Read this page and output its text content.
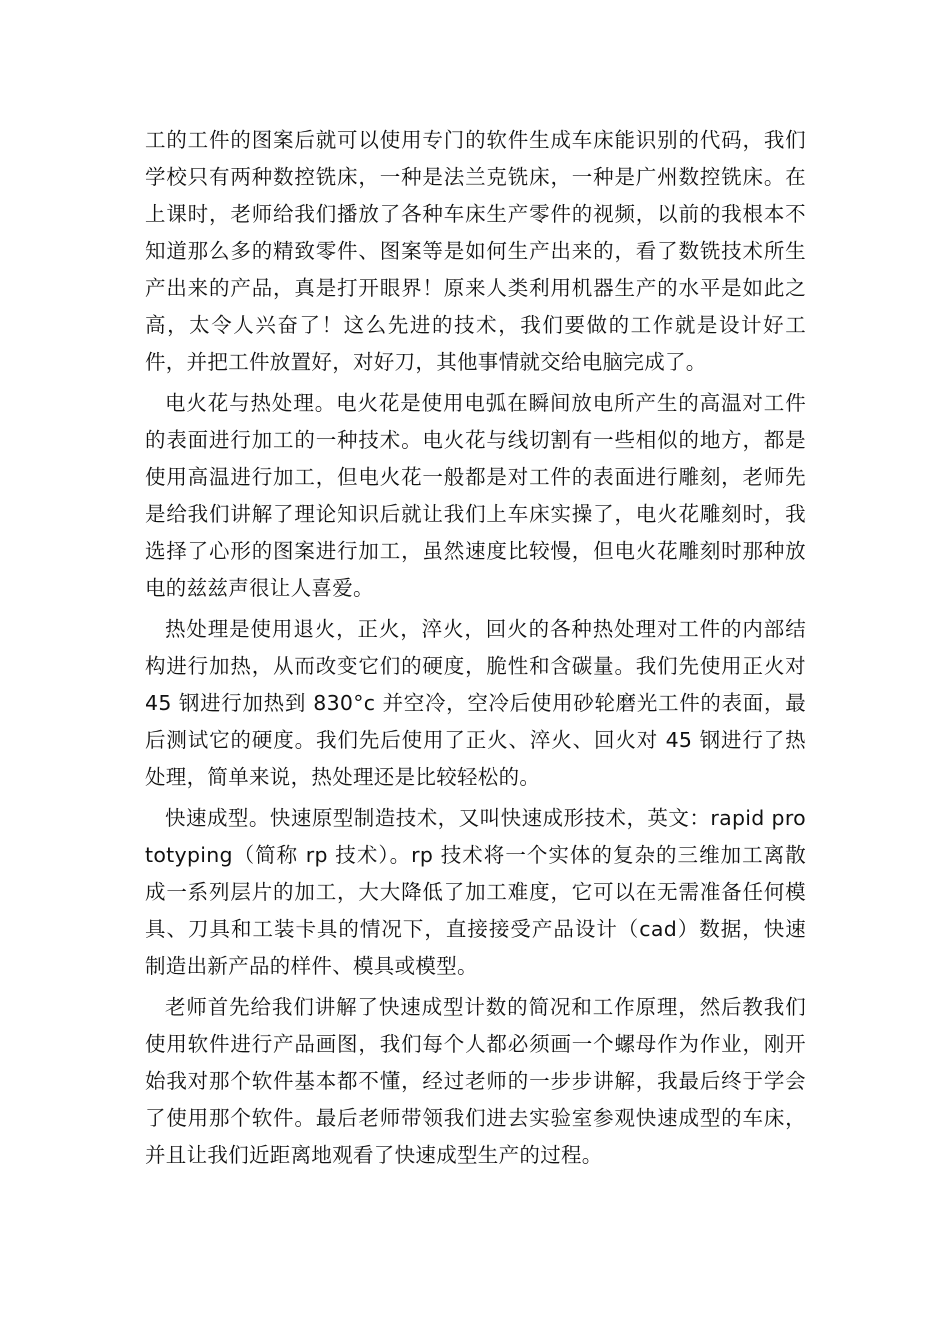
工的工件的图案后就可以使用专门的软件生成车床能识别的代码，我们学校只有两种数控铣床，一种是法兰克铣床，一种是广州数控铣床。在上课时，老师给我们播放了各种车床生产零件的视频，以前的我根本不知道那么多的精致零件、图案等是如何生产出来的，看了数铣技术所生产出来的产品，真是打开眼界！原来人类利用机器生产的水平是如此之高，太令人兴奋了！这么先进的技术，我们要做的工作就是设计好工件，并把工件放置好，对好刀，其他事情就交给电脑完成了。

电火花与热处理。电火花是使用电弧在瞬间放电所产生的高温对工件的表面进行加工的一种技术。电火花与线切割有一些相似的地方，都是使用高温进行加工，但电火花一般都是对工件的表面进行雕刻，老师先是给我们讲解了理论知识后就让我们上车床实操了，电火花雕刻时，我选择了心形的图案进行加工，虽然速度比较慢，但电火花雕刻时那种放电的兹兹声很让人喜爱。

热处理是使用退火，正火，淬火，回火的各种热处理对工件的内部结构进行加热，从而改变它们的硬度，脆性和含碳量。我们先使用正火对 45 钢进行加热到 830°c 并空冷，空冷后使用砂轮磨光工件的表面，最后测试它的硬度。我们先后使用了正火、淬火、回火对 45 钢进行了热处理，简单来说，热处理还是比较轻松的。

快速成型。快速原型制造技术，又叫快速成形技术，英文：rapid prototyping（简称 rp 技术）。rp 技术将一个实体的复杂的三维加工离散成一系列层片的加工，大大降低了加工难度，它可以在无需准备任何模具、刀具和工装卡具的情况下，直接接受产品设计（cad）数据，快速制造出新产品的样件、模具或模型。

老师首先给我们讲解了快速成型计数的简况和工作原理，然后教我们使用软件进行产品画图，我们每个人都必须画一个螺母作为作业，刚开始我对那个软件基本都不懂，经过老师的一步步讲解，我最后终于学会了使用那个软件。最后老师带领我们进去实验室参观快速成型的车床，并且让我们近距离地观看了快速成型生产的过程。
